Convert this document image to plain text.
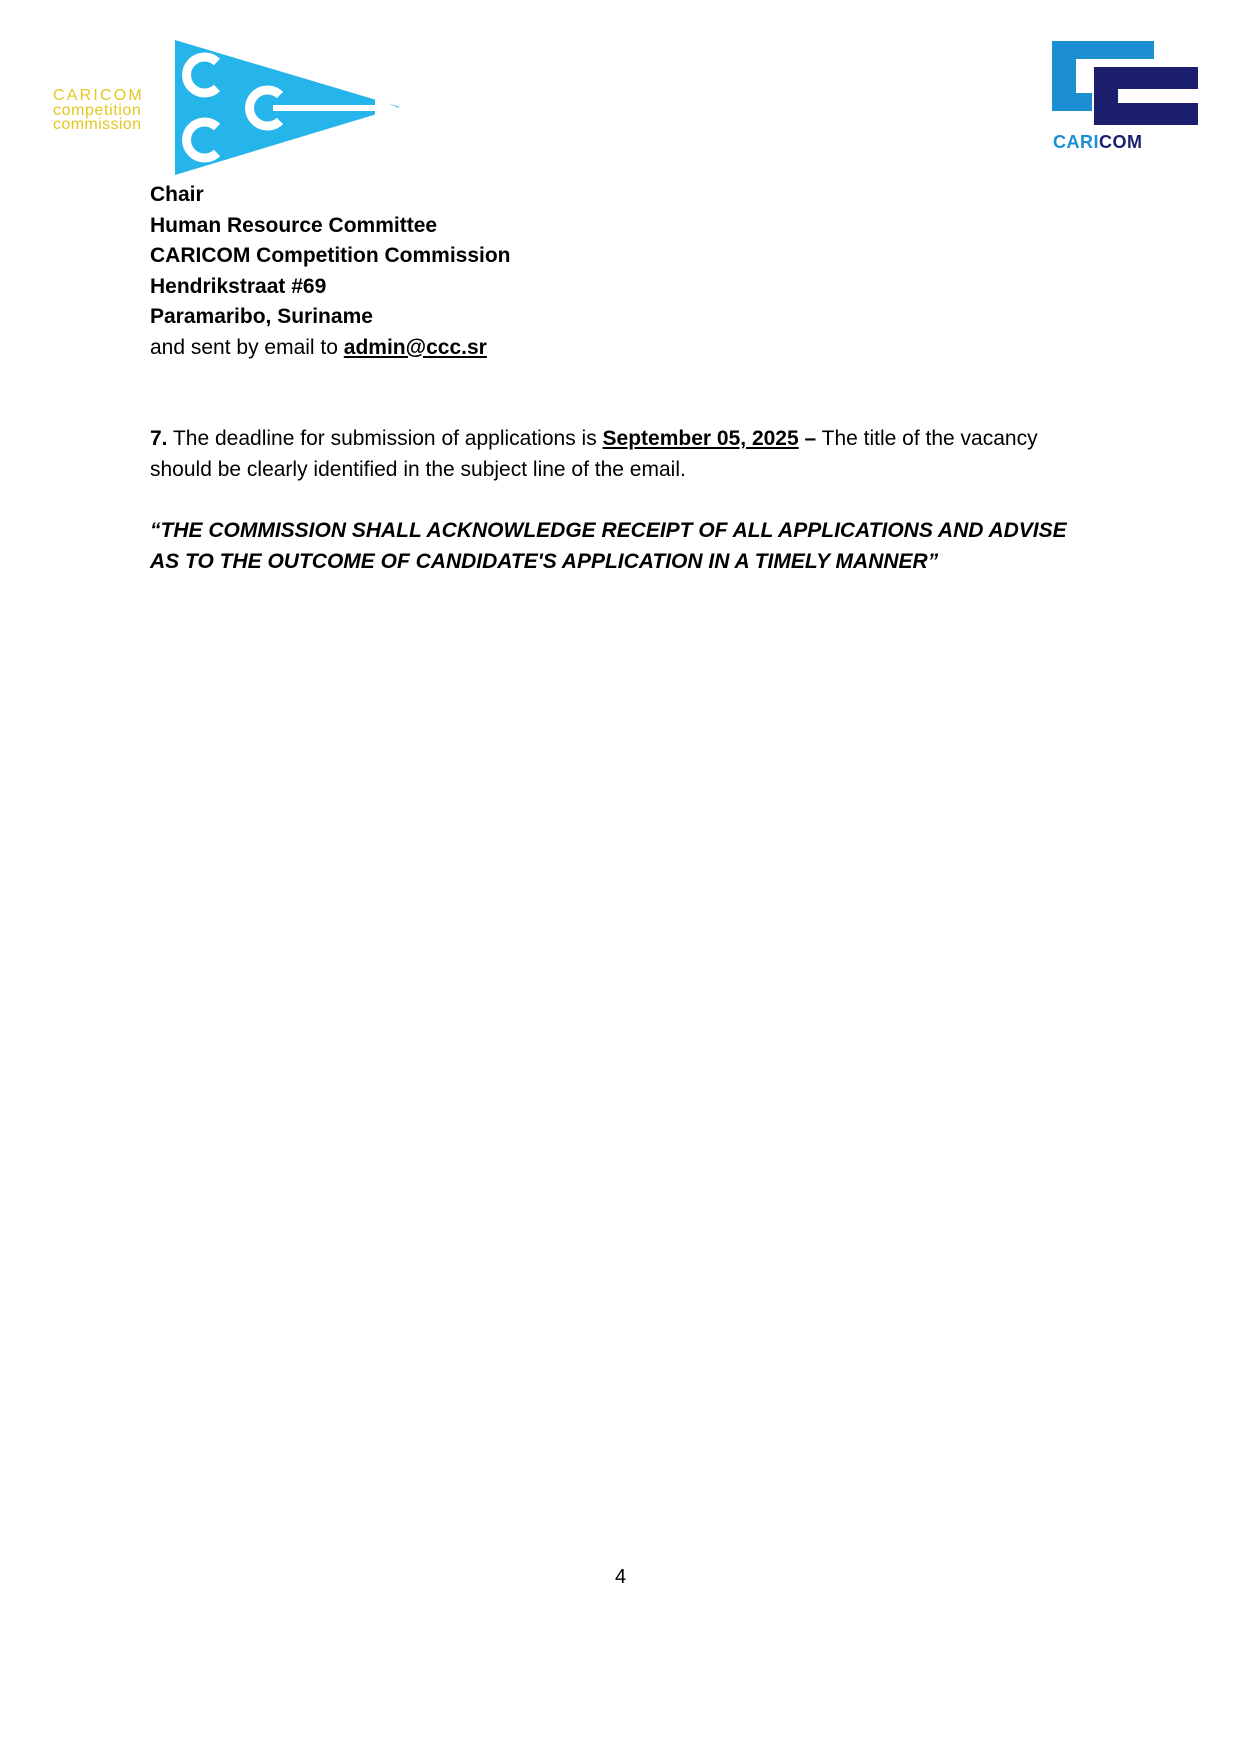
CARICOM
competition
commission
CARICOM
Chair
Human Resource Committee
CARICOM Competition Commission
Hendrikstraat #69
Paramaribo, Suriname
and sent by email to admin@ccc.sr
7. The deadline for submission of applications is September 05, 2025 – The title of the vacancy should be clearly identified in the subject line of the email.
“THE COMMISSION SHALL ACKNOWLEDGE RECEIPT OF ALL APPLICATIONS AND ADVISE AS TO THE OUTCOME OF CANDIDATE'S APPLICATION IN A TIMELY MANNER”
4
